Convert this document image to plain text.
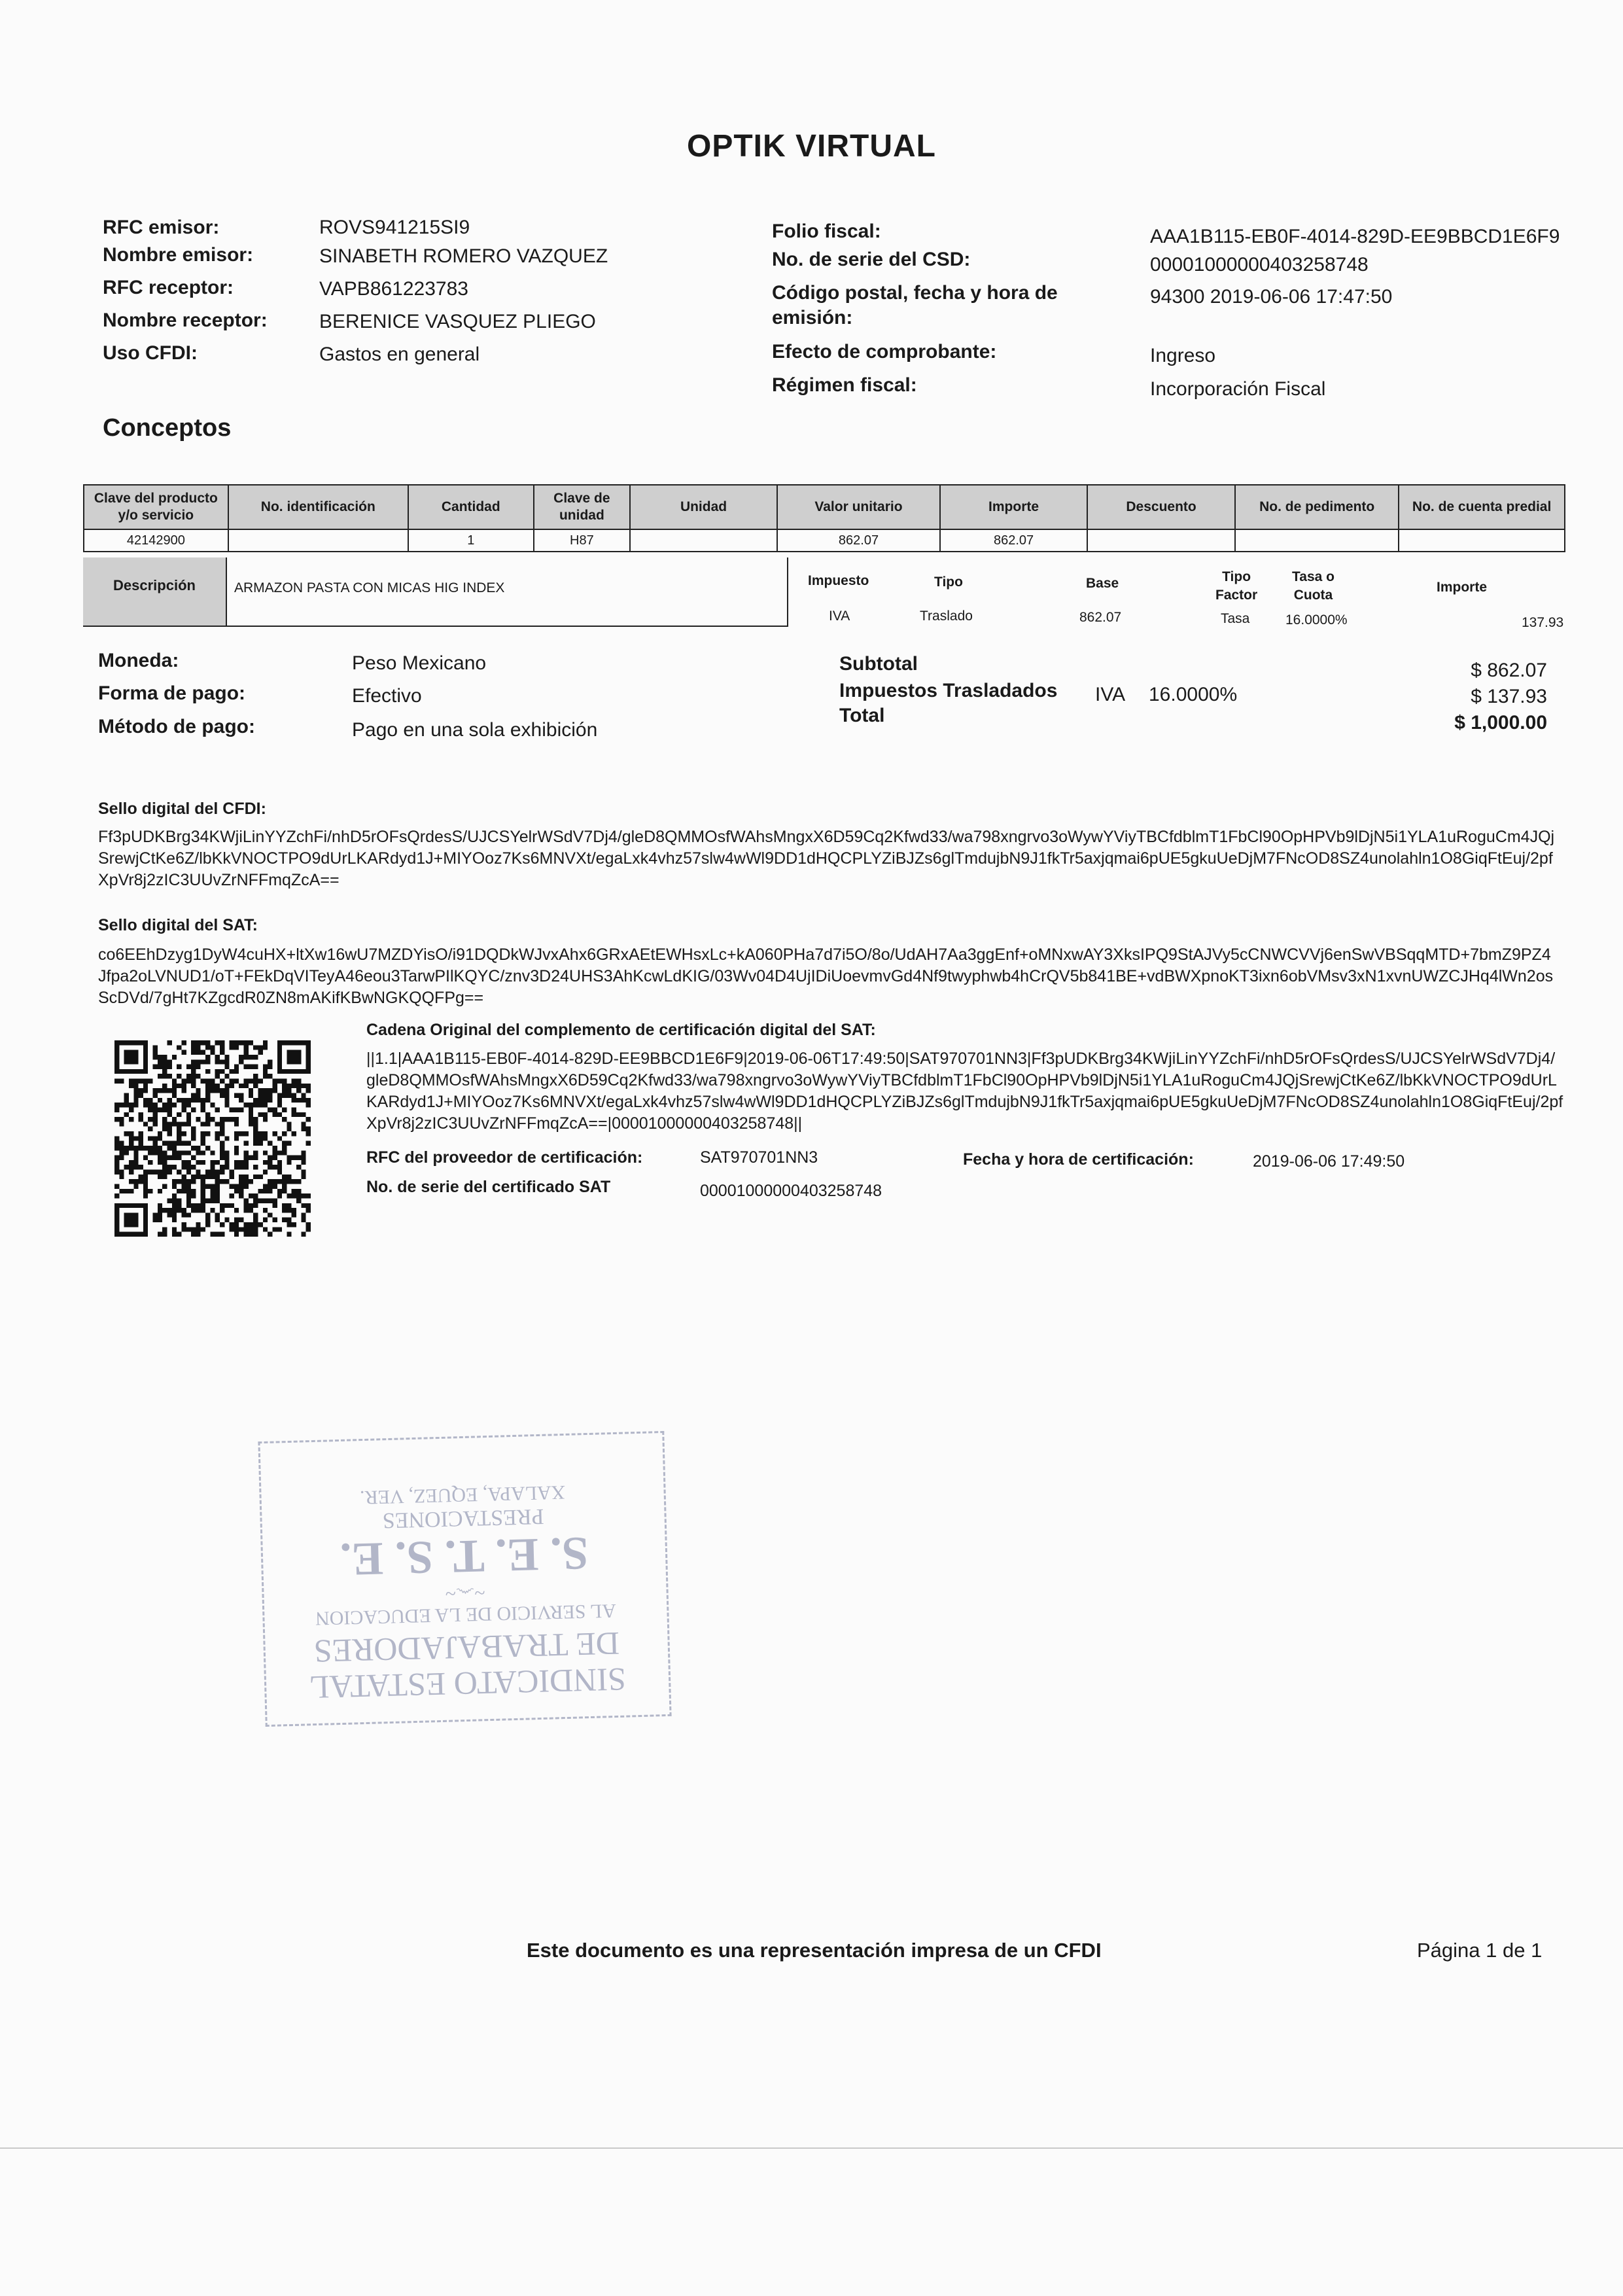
OPTIK VIRTUAL
RFC emisor:	ROVS941215SI9
Nombre emisor:	SINABETH ROMERO VAZQUEZ
RFC receptor:	VAPB861223783
Nombre receptor:	BERENICE VASQUEZ PLIEGO
Uso CFDI:	Gastos en general
Folio fiscal:	AAA1B115-EB0F-4014-829D-EE9BBCD1E6F9
No. de serie del CSD:	00001000000403258748
Código postal, fecha y hora de
emisión:
94300 2019-06-06 17:47:50
Efecto de comprobante:	Ingreso
Régimen fiscal:	Incorporación Fiscal
Conceptos
Clave del producto
y/o servicio	No. identificación	Cantidad	Clave de
unidad	Unidad	Valor unitario	Importe	Descuento	No. de pedimento	No. de cuenta predial
42142900		1	H87		862.07	862.07			
Descripción	ARMAZON PASTA CON MICAS HIG INDEX	Impuesto	Tipo	Base	Tipo
Factor
Tasa o
Cuota
Importe
IVA	Traslado	862.07	Tasa	16.0000%	137.93
Moneda:	Peso Mexicano
Forma de pago:	Efectivo
Método de pago:	Pago en una sola exhibición
Subtotal	$ 862.07
Impuestos Trasladados IVA 16.0000%	$ 137.93
Total	$ 1,000.00
Sello digital del CFDI:
Ff3pUDKBrg34KWjiLinYYZchFi/nhD5rOFsQrdesS/UJCSYelrWSdV7Dj4/gleD8QMMOsfWAhsMngxX6D59Cq2Kfwd33/wa798xngrvo3oWywYViyTBCfdblmT1FbCl90OpHPVb9lDjN5i1YLA1uRoguCm4JQjSrewjCtKe6Z/lbKkVNOCTPO9dUrLKARdyd1J+MIYOoz7Ks6MNVXt/egaLxk4vhz57slw4wWl9DD1dHQCPLYZiBJZs6glTmdujbN9J1fkTr5axjqmai6pUE5gkuUeDjM7FNcOD8SZ4unolahln1O8GiqFtEuj/2pfXpVr8j2zIC3UUvZrNFFmqZcA==
Sello digital del SAT:
co6EEhDzyg1DyW4cuHX+ltXw16wU7MZDYisO/i91DQDkWJvxAhx6GRxAEtEWHsxLc+kA060PHa7d7i5O/8o/UdAH7Aa3ggEnf+oMNxwAY3XksIPQ9StAJVy5cCNWCVVj6enSwVBSqqMTD+7bmZ9PZ4Jfpa2oLVNUD1/oT+FEkDqVITeyA46eou3TarwPIlKQYC/znv3D24UHS3AhKcwLdKIG/03Wv04D4UjIDiUoevmvGd4Nf9twyphwb4hCrQV5b841BE+vdBWXpnoKT3ixn6obVMsv3xN1xvnUWZCJHq4lWn2osScDVd/7gHt7KZgcdR0ZN8mAKifKBwNGKQQFPg==
Cadena Original del complemento de certificación digital del SAT:
||1.1|AAA1B115-EB0F-4014-829D-EE9BBCD1E6F9|2019-06-06T17:49:50|SAT970701NN3|Ff3pUDKBrg34KWjiLinYYZchFi/nhD5rOFsQrdesS/UJCSYelrWSdV7Dj4/gleD8QMMOsfWAhsMngxX6D59Cq2Kfwd33/wa798xngrvo3oWywYViyTBCfdblmT1FbCl90OpHPVb9lDjN5i1YLA1uRoguCm4JQjSrewjCtKe6Z/lbKkVNOCTPO9dUrLKARdyd1J+MIYOoz7Ks6MNVXt/egaLxk4vhz57slw4wWl9DD1dHQCPLYZiBJZs6glTmdujbN9J1fkTr5axjqmai6pUE5gkuUeDjM7FNcOD8SZ4unolahln1O8GiqFtEuj/2pfXpVr8j2zIC3UUvZrNFFmqZcA==|00001000000403258748||
RFC del proveedor de certificación:	SAT970701NN3	Fecha y hora de certificación:	2019-06-06 17:49:50
No. de serie del certificado SAT	00001000000403258748
SINDICATO ESTATAL
DE TRABAJADORES
AL SERVICIO DE LA EDUCACION
~෴~
S. E. T. S. E.
PRESTACIONES
XALAPA, EQUEZ, VER.
Este documento es una representación impresa de un CFDI	Página 1 de 1
